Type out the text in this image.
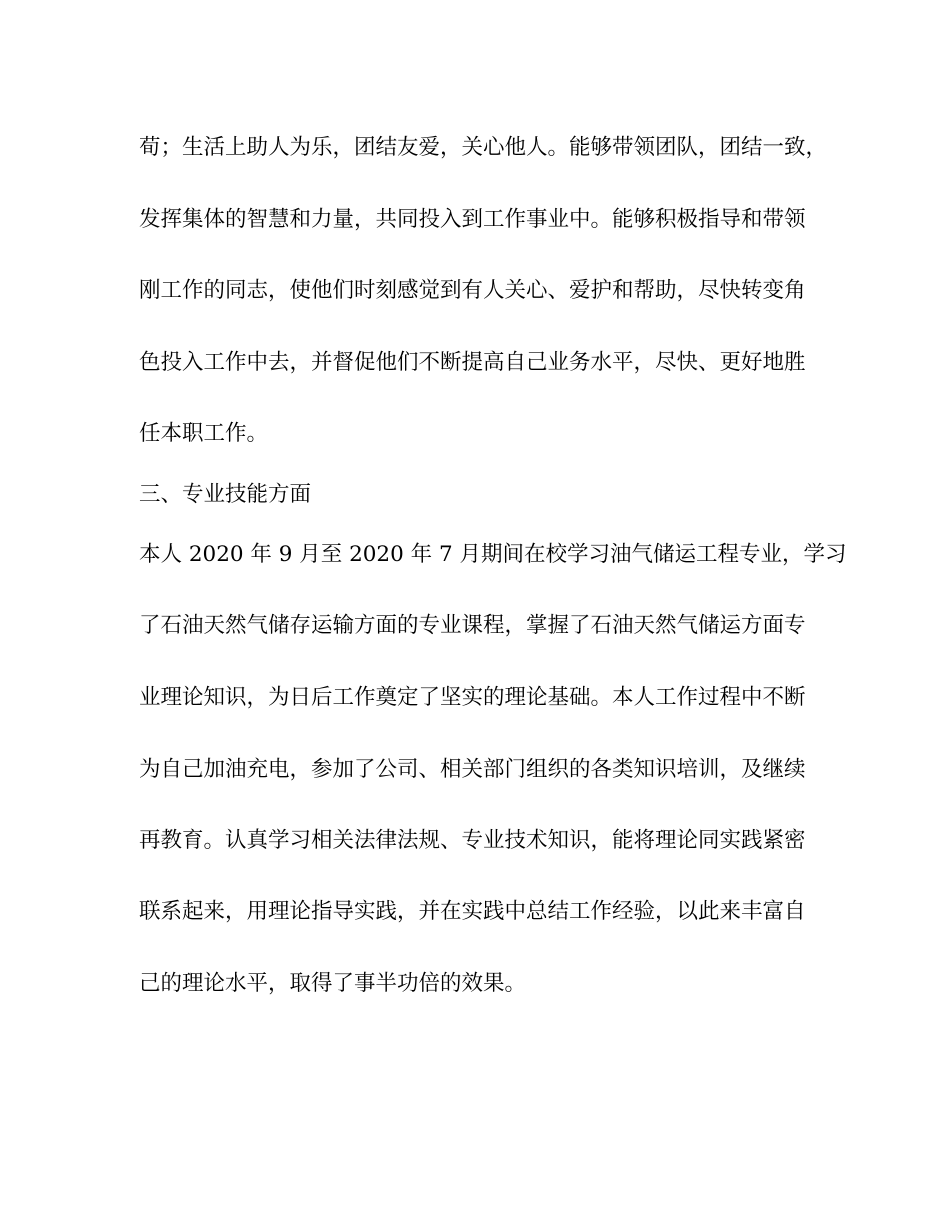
荀；生活上助人为乐，团结友爱，关心他人。能够带领团队，团结一致，
发挥集体的智慧和力量，共同投入到工作事业中。能够积极指导和带领
刚工作的同志，使他们时刻感觉到有人关心、爱护和帮助，尽快转变角
色投入工作中去，并督促他们不断提高自己业务水平，尽快、更好地胜
任本职工作。
三、专业技能方面
本人 2020 年 9 月至 2020 年 7 月期间在校学习油气储运工程专业，学习
了石油天然气储存运输方面的专业课程，掌握了石油天然气储运方面专
业理论知识，为日后工作奠定了坚实的理论基础。本人工作过程中不断
为自己加油充电，参加了公司、相关部门组织的各类知识培训，及继续
再教育。认真学习相关法律法规、专业技术知识，能将理论同实践紧密
联系起来，用理论指导实践，并在实践中总结工作经验，以此来丰富自
己的理论水平，取得了事半功倍的效果。
